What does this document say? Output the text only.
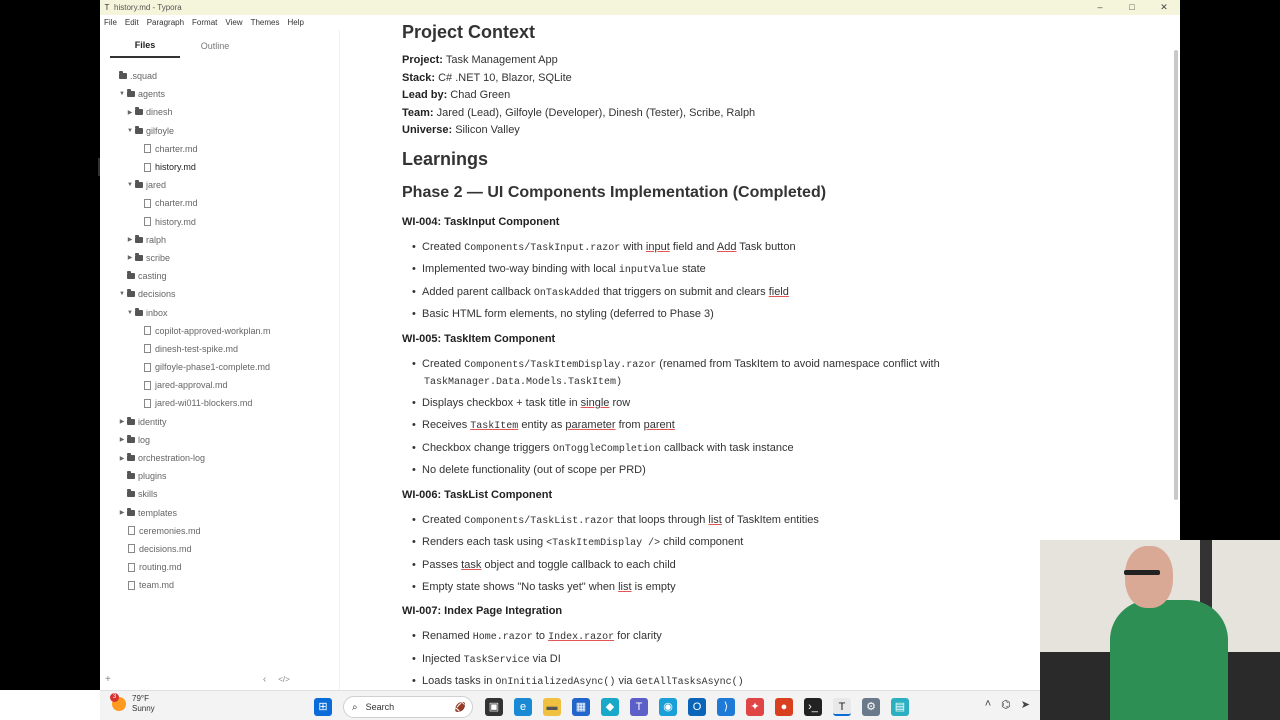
T history.md - Typora	–	□	✕
File Edit Paragraph Format View Themes Help
Files	Outline
.squad
▼ agents
▶ dinesh
▼ gilfoyle
charter.md
history.md
▼ jared
charter.md
history.md
▶ ralph
▶ scribe
casting
▼ decisions
▼ inbox
copilot-approved-workplan.m
dinesh-test-spike.md
gilfoyle-phase1-complete.md
jared-approval.md
jared-wi011-blockers.md
▶ identity
▶ log
▶ orchestration-log
plugins
skills
▶ templates
ceremonies.md
decisions.md
routing.md
team.md
+	‹ </>
Project Context
Project: Task Management App
Stack: C# .NET 10, Blazor, SQLite
Lead by: Chad Green
Team: Jared (Lead), Gilfoyle (Developer), Dinesh (Tester), Scribe, Ralph
Universe: Silicon Valley
Learnings
Phase 2 — UI Components Implementation (Completed)
WI-004: TaskInput Component
• Created Components/TaskInput.razor with input field and Add Task button
• Implemented two-way binding with local inputValue state
• Added parent callback OnTaskAdded that triggers on submit and clears field
• Basic HTML form elements, no styling (deferred to Phase 3)
WI-005: TaskItem Component
• Created Components/TaskItemDisplay.razor (renamed from TaskItem to avoid namespace conflict with
TaskManager.Data.Models.TaskItem)
• Displays checkbox + task title in single row
• Receives TaskItem entity as parameter from parent
• Checkbox change triggers OnToggleCompletion callback with task instance
• No delete functionality (out of scope per PRD)
WI-006: TaskList Component
• Created Components/TaskList.razor that loops through list of TaskItem entities
• Renders each task using <TaskItemDisplay /> child component
• Passes task object and toggle callback to each child
• Empty state shows "No tasks yet" when list is empty
WI-007: Index Page Integration
• Renamed Home.razor to Index.razor for clarity
• Injected TaskService via DI
• Loads tasks in OnInitializedAsync() via GetAllTasksAsync()
3	79°F
Sunny	⊞	⌕ Search	🏈	▣	e	▬	▦	◆	T	◉	O	⟩	✦	●	›_	T	⚙	▤	˄ ⌬ ➤
